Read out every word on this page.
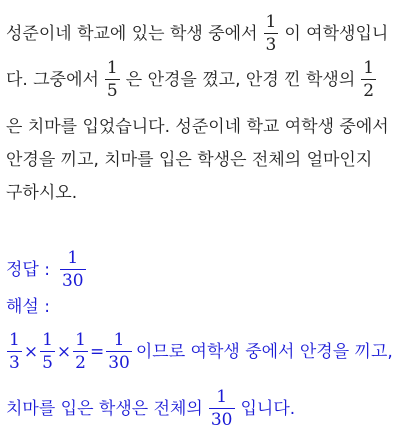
성준이네 학교에 있는 학생 중에서 $\frac{1}{3}$ 이 여학생입니
다. 그중에서 $\frac{1}{5}$ 은 안경을 꼈고, 안경 낀 학생의 $\frac{1}{2}$
은 치마를 입었습니다. 성준이네 학교 여학생 중에서
안경을 끼고, 치마를 입은 학생은 전체의 얼마인지
구하시오.
정답 : $\frac{1}{30}$
해설 :
$\frac{1}{3} \times \frac{1}{5} \times \frac{1}{2} = \frac{1}{30}$ 이므로 여학생 중에서 안경을 끼고,
치마를 입은 학생은 전체의 $\frac{1}{30}$ 입니다.
